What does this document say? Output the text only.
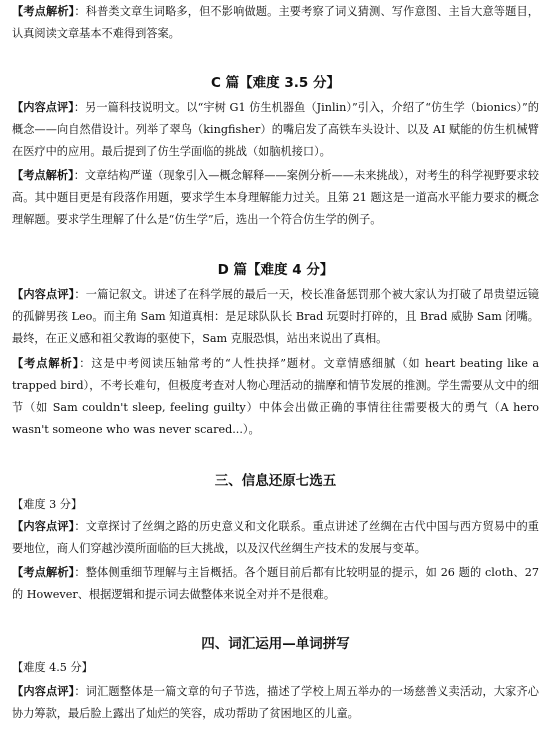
【考点解析】：科普类文章生词略多，但不影响做题。主要考察了词义猜测、写作意图、主旨大意等题目，认真阅读文章基本不难得到答案。

C 篇【难度 3.5 分】

【内容点评】：另一篇科技说明文。以“宇树 G1 仿生机器鱼（Jinlin）”引入，介绍了“仿生学（bionics）”的概念——向自然借设计。列举了翠鸟（kingfisher）的嘴启发了高铁车头设计、以及 AI 赋能的仿生机械臂在医疗中的应用。最后提到了仿生学面临的挑战（如脑机接口）。

【考点解析】：文章结构严谨（现象引入—概念解释——案例分析——未来挑战），对考生的科学视野要求较高。其中题目更是有段落作用题，要求学生本身理解能力过关。且第 21 题这是一道高水平能力要求的概念理解题。要求学生理解了什么是“仿生学”后，选出一个符合仿生学的例子。

D 篇【难度 4 分】

【内容点评】：一篇记叙文。讲述了在科学展的最后一天，校长准备惩罚那个被大家认为打破了昂贵望远镜的孤僻男孩 Leo。而主角 Sam 知道真相：是足球队队长 Brad 玩耍时打碎的，且 Brad 威胁 Sam 闭嘴。最终，在正义感和祖父教诲的驱使下，Sam 克服恐惧，站出来说出了真相。

【考点解析】：这是中考阅读压轴常考的“人性抉择”题材。文章情感细腻（如 heart beating like a trapped bird），不考长难句，但极度考查对人物心理活动的揣摩和情节发展的推测。学生需要从文中的细节（如 Sam couldn't sleep, feeling guilty）中体会出做正确的事情往往需要极大的勇气（A hero wasn't someone who was never scared...）。

三、信息还原七选五
【难度 3 分】

【内容点评】：文章探讨了丝绸之路的历史意义和文化联系。重点讲述了丝绸在古代中国与西方贸易中的重要地位，商人们穿越沙漠所面临的巨大挑战，以及汉代丝绸生产技术的发展与变革。

【考点解析】：整体侧重细节理解与主旨概括。各个题目前后都有比较明显的提示，如 26 题的 cloth、27 的 However、根据逻辑和提示词去做整体来说全对并不是很难。

四、词汇运用—单词拼写
【难度 4.5 分】

【内容点评】：词汇题整体是一篇文章的句子节选，描述了学校上周五举办的一场慈善义卖活动，大家齐心协力筹款，最后脸上露出了灿烂的笑容，成功帮助了贫困地区的儿童。
